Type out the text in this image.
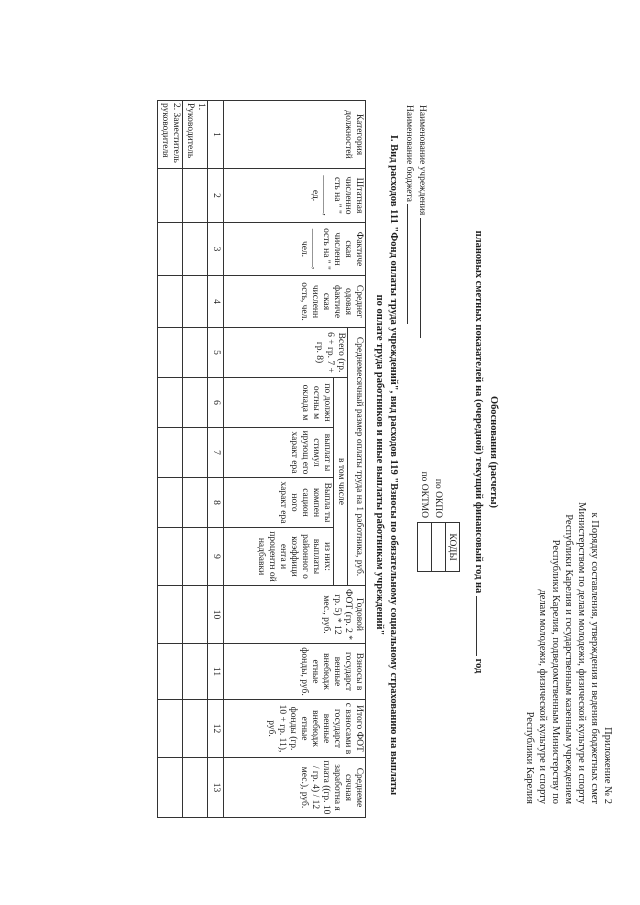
Приложение № 2
к Порядку составления, утверждения и ведения бюджетных смет
Министерством по делам молодежи, физической культуре и спорту
Республики Карелия и государственным казенным учреждением
Республики Карелия, подведомственным Министерству по
делам молодежи, физической культуре и спорту
Республики Карелия
Обоснования (расчеты)
плановых сметных показателей на (очередной) текущий финансовый год на  год
по ОКПО
по ОКТМО
КОДЫ

Наименование учреждения
Наименование бюджета
I. Вид расходов 111 "Фонд оплаты труда учреждений", вид расходов 119 "Взносы по обязательному социальному страхованию на выплаты
по оплате труда работников и иные выплаты работникам учреждений"
Категория должностей	Штатная численно сть на " " ________, ед.	Фактиче ская численн ость на " " ________, чел.	Среднег одовая фактиче ская численн ость, чел.	Среднемесячный размер оплаты труда на 1 работника, руб.					Годовой ФОТ (гр. 2 * гр. 5) * 12 мес., руб.	Взносы в государст венные внебюдж етные фонды, руб.	Итого ФОТ с взносами в государст венные внебюдж етные фонды (гр. 10 + гр. 11), руб.	Среднеме сячная заработна я плата ((гр. 10 / гр. 4) / 12 мес.), руб.
				Всего (гр. 6 + гр. 7 + гр. 8)	в том числе							
					по должн остны м оклада м	выплат ы стимул ирующ его характ ера	Выпла ты компен сацион ного характ ера	из них: выплаты районног о коэффици ента и процентн ой надбавки				
1	2	3	4	5	6	7	8	9	10	11	12	13
1. Руководитель												
2. Заместитель руководителя												
